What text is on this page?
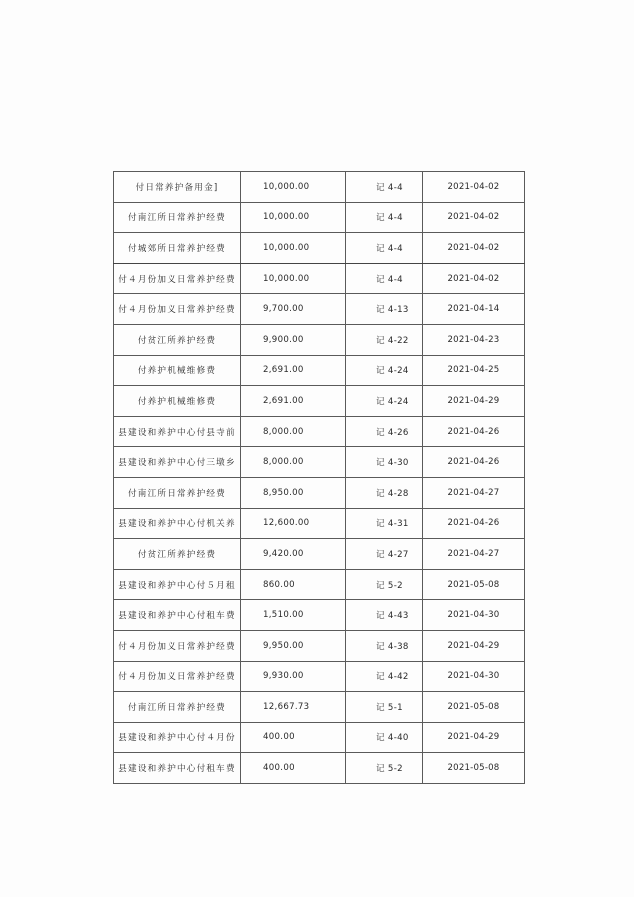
付日常养护备用金]	10,000.00	记 4-4	2021-04-02
付南江所日常养护经费	10,000.00	记 4-4	2021-04-02
付城郊所日常养护经费	10,000.00	记 4-4	2021-04-02
付４月份加义日常养护经费	10,000.00	记 4-4	2021-04-02
付４月份加义日常养护经费	9,700.00	记 4-13	2021-04-14
付贫江所养护经费	9,900.00	记 4-22	2021-04-23
付养护机械维修费	2,691.00	记 4-24	2021-04-25
付养护机械维修费	2,691.00	记 4-24	2021-04-29
县建设和养护中心付县寺前	8,000.00	记 4-26	2021-04-26
县建设和养护中心付三墩乡	8,000.00	记 4-30	2021-04-26
付南江所日常养护经费	8,950.00	记 4-28	2021-04-27
县建设和养护中心付机关养	12,600.00	记 4-31	2021-04-26
付贫江所养护经费	9,420.00	记 4-27	2021-04-27
县建设和养护中心付５月租	860.00	记 5-2	2021-05-08
县建设和养护中心付租车费	1,510.00	记 4-43	2021-04-30
付４月份加义日常养护经费	9,950.00	记 4-38	2021-04-29
付４月份加义日常养护经费	9,930.00	记 4-42	2021-04-30
付南江所日常养护经费	12,667.73	记 5-1	2021-05-08
县建设和养护中心付４月份	400.00	记 4-40	2021-04-29
县建设和养护中心付租车费	400.00	记 5-2	2021-05-08
